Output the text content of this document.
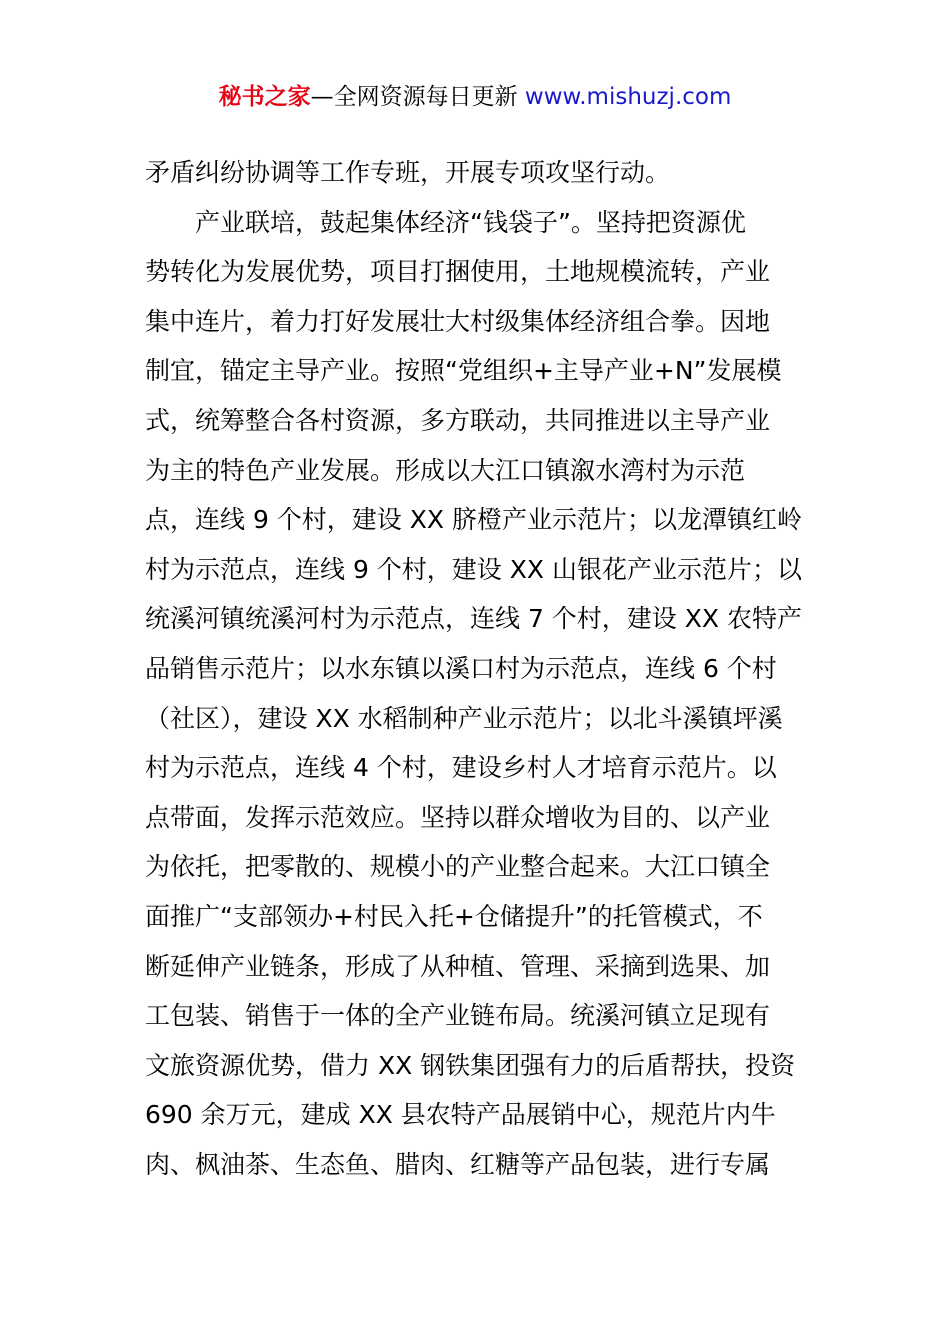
秘书之家—全网资源每日更新 www.mishuzj.com
矛盾纠纷协调等工作专班，开展专项攻坚行动。
　　产业联培，鼓起集体经济“钱袋子”。坚持把资源优
势转化为发展优势，项目打捆使用，土地规模流转，产业
集中连片，着力打好发展壮大村级集体经济组合拳。因地
制宜，锚定主导产业。按照“党组织+主导产业+N”发展模
式，统筹整合各村资源，多方联动，共同推进以主导产业
为主的特色产业发展。形成以大江口镇溆水湾村为示范
点，连线 9 个村，建设 XX 脐橙产业示范片；以龙潭镇红岭
村为示范点，连线 9 个村，建设 XX 山银花产业示范片；以
统溪河镇统溪河村为示范点，连线 7 个村，建设 XX 农特产
品销售示范片；以水东镇以溪口村为示范点，连线 6 个村
（社区），建设 XX 水稻制种产业示范片；以北斗溪镇坪溪
村为示范点，连线 4 个村，建设乡村人才培育示范片。以
点带面，发挥示范效应。坚持以群众增收为目的、以产业
为依托，把零散的、规模小的产业整合起来。大江口镇全
面推广“支部领办+村民入托+仓储提升”的托管模式，不
断延伸产业链条，形成了从种植、管理、采摘到选果、加
工包装、销售于一体的全产业链布局。统溪河镇立足现有
文旅资源优势，借力 XX 钢铁集团强有力的后盾帮扶，投资
690 余万元，建成 XX 县农特产品展销中心，规范片内牛
肉、枫油茶、生态鱼、腊肉、红糖等产品包装，进行专属
